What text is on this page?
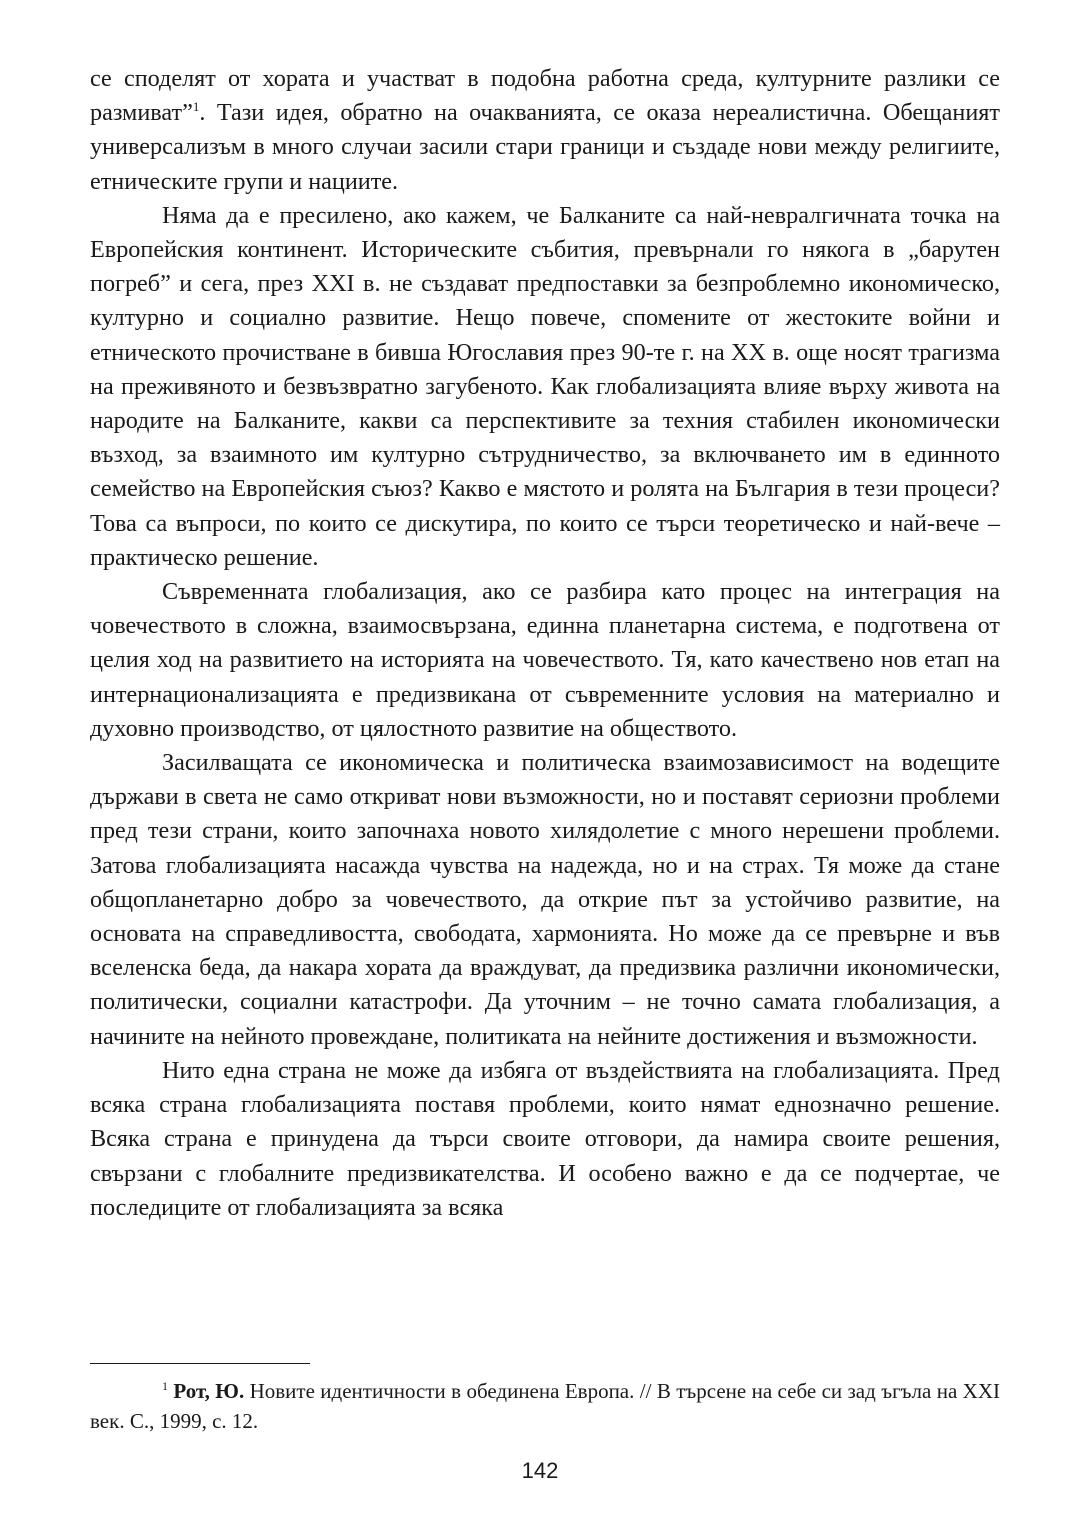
се споделят от хората и участват в подобна работна среда, културните разлики се размиват”$^1$. Тази идея, обратно на очакванията, се оказа нереалистична. Обещаният универсализъм в много случаи засили стари граници и създаде нови между религиите, етническите групи и нациите.

Няма да е пресилено, ако кажем, че Балканите са най-невралгичната точка на Европейския континент. Историческите събития, превърнали го някога в „барутен погреб” и сега, през XXI в. не създават предпоставки за безпроблемно икономическо, културно и социално развитие. Нещо повече, спомените от жестоките войни и етническото прочистване в бивша Югославия през 90-те г. на XX в. още носят трагизма на преживяното и безвъзвратно загубеното. Как глобализацията влияе върху живота на народите на Балканите, какви са перспективите за техния стабилен икономически възход, за взаимното им културно сътрудничество, за включването им в единното семейство на Европейския съюз? Какво е мястото и ролята на България в тези процеси? Това са въпроси, по които се дискутира, по които се търси теоретическо и най-вече – практическо решение.

Съвременната глобализация, ако се разбира като процес на интеграция на човечеството в сложна, взаимосвързана, единна планетарна система, е подготвена от целия ход на развитието на историята на човечеството. Тя, като качествено нов етап на интернационализацията е предизвикана от съвременните условия на материално и духовно производство, от цялостното развитие на обществото.

Засилващата се икономическа и политическа взаимозависимост на водещите държави в света не само откриват нови възможности, но и поставят сериозни проблеми пред тези страни, които започнаха новото хилядолетие с много нерешени проблеми. Затова глобализацията насажда чувства на надежда, но и на страх. Тя може да стане общопланетарно добро за човечеството, да открие път за устойчиво развитие, на основата на справедливостта, свободата, хармонията. Но може да се превърне и във вселенска беда, да накара хората да враждуват, да предизвика различни икономически, политически, социални катастрофи. Да уточним – не точно самата глобализация, а начините на нейното провеждане, политиката на нейните достижения и възможности.

Нито една страна не може да избяга от въздействията на глобализацията. Пред всяка страна глобализацията поставя проблеми, които нямат еднозначно решение. Всяка страна е принудена да търси своите отговори, да намира своите решения, свързани с глобалните предизвикателства. И особено важно е да се подчертае, че последиците от глобализацията за всяка

$^1$ Рот, Ю. Новите идентичности в обединена Европа. // В търсене на себе си зад ъгъла на XXI век. С., 1999, с. 12.

142
